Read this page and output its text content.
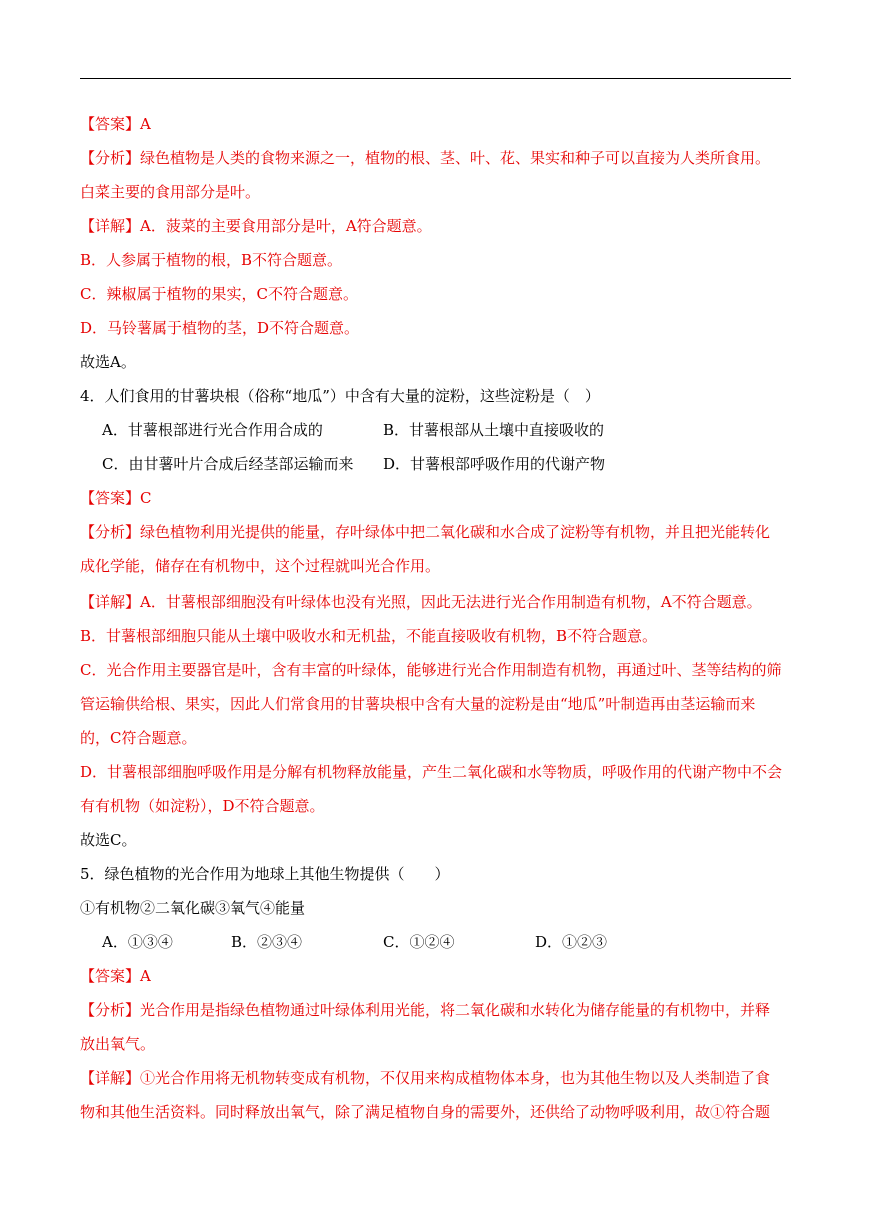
【答案】A
【分析】绿色植物是人类的食物来源之一，植物的根、茎、叶、花、果实和种子可以直接为人类所食用。
白菜主要的食用部分是叶。
【详解】A．菠菜的主要食用部分是叶，A符合题意。
B．人参属于植物的根，B不符合题意。
C．辣椒属于植物的果实，C不符合题意。
D．马铃薯属于植物的茎，D不符合题意。
故选A。
4．人们食用的甘薯块根（俗称“地瓜”）中含有大量的淀粉，这些淀粉是（　）
【答案】C
【分析】绿色植物利用光提供的能量，存叶绿体中把二氧化碳和水合成了淀粉等有机物，并且把光能转化
成化学能，储存在有机物中，这个过程就叫光合作用。
【详解】A．甘薯根部细胞没有叶绿体也没有光照，因此无法进行光合作用制造有机物，A不符合题意。
B．甘薯根部细胞只能从土壤中吸收水和无机盐，不能直接吸收有机物，B不符合题意。
C．光合作用主要器官是叶，含有丰富的叶绿体，能够进行光合作用制造有机物，再通过叶、茎等结构的筛
管运输供给根、果实，因此人们常食用的甘薯块根中含有大量的淀粉是由“地瓜”叶制造再由茎运输而来
的，C符合题意。
D．甘薯根部细胞呼吸作用是分解有机物释放能量，产生二氧化碳和水等物质，呼吸作用的代谢产物中不会
有有机物（如淀粉），D不符合题意。
故选C。
5．绿色植物的光合作用为地球上其他生物提供（　　）
①有机物②二氧化碳③氧气④能量
【答案】A
【分析】光合作用是指绿色植物通过叶绿体利用光能，将二氧化碳和水转化为储存能量的有机物中，并释
放出氧气。
【详解】①光合作用将无机物转变成有机物，不仅用来构成植物体本身，也为其他生物以及人类制造了食
物和其他生活资料。同时释放出氧气，除了满足植物自身的需要外，还供给了动物呼吸利用，故①符合题
A．甘薯根部进行光合作用合成的	B．甘薯根部从土壤中直接吸收的
C．由甘薯叶片合成后经茎部运输而来 D．甘薯根部呼吸作用的代谢产物
A．①③④	B．②③④	C．①②④	D．①②③
